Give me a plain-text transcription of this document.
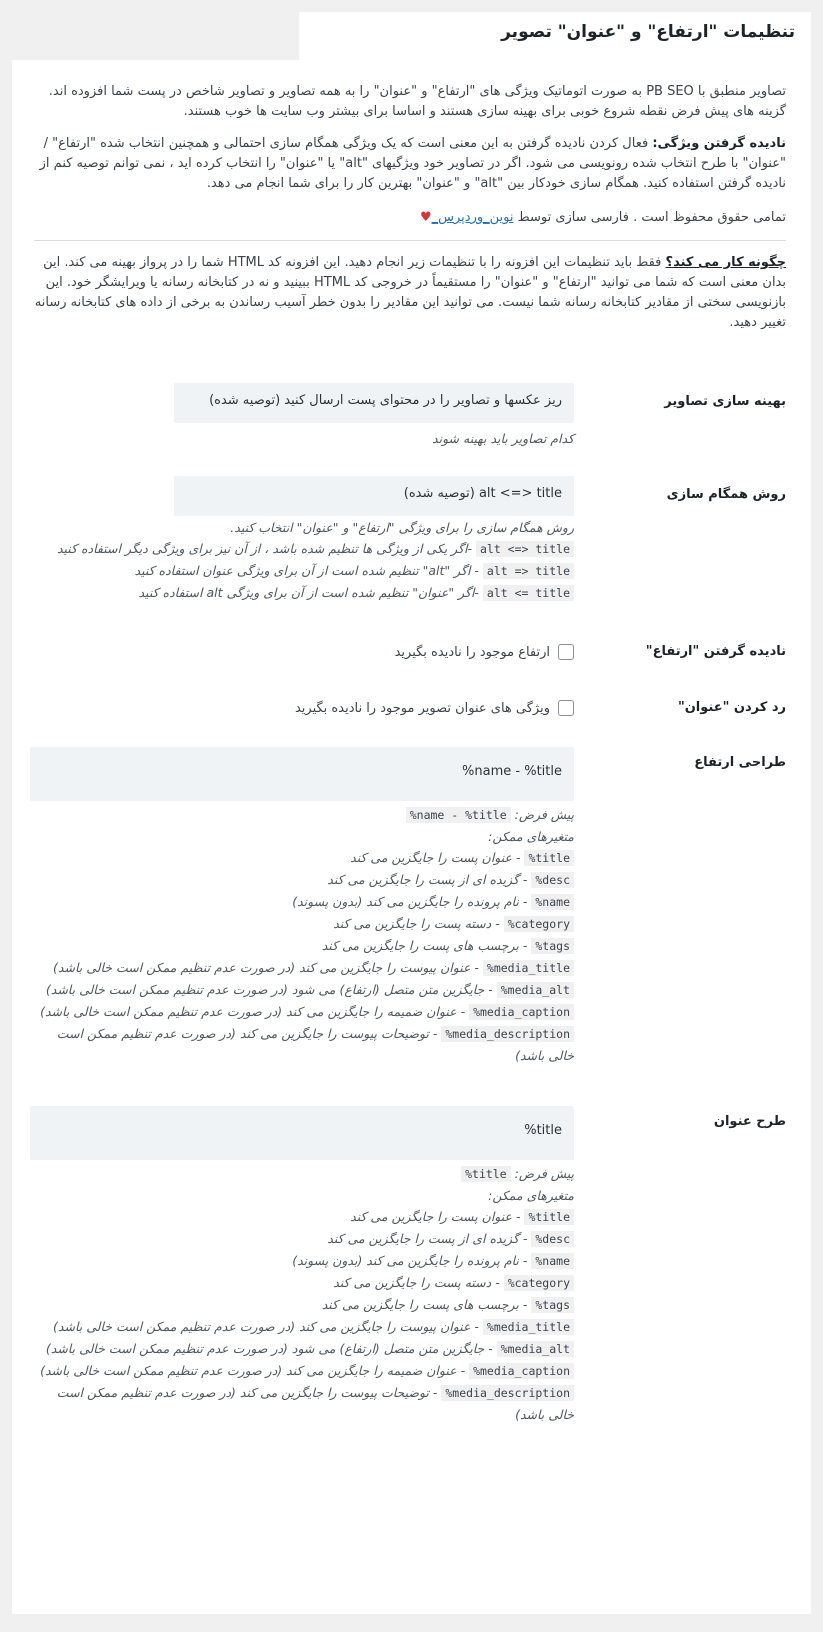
تنظیمات "ارتفاع" و "عنوان" تصویر

تصاویر منطبق با PB SEO به صورت اتوماتیک ویژگی های "ارتفاع" و "عنوان" را به همه تصاویر و تصاویر شاخص در پست شما افزوده اند. گزینه های پیش فرض نقطه شروع خوبی برای بهینه سازی هستند و اساسا برای بیشتر وب سایت ها خوب هستند.

نادیده گرفتن ویژگی: فعال کردن نادیده گرفتن به این معنی است که یک ویژگی همگام سازی احتمالی و همچنین انتخاب شده "ارتفاع" / "عنوان" با طرح انتخاب شده رونویسی می شود. اگر در تصاویر خود ویژگیهای "alt" یا "عنوان" را انتخاب کرده اید ، نمی توانم توصیه کنم از نادیده گرفتن استفاده کنید. همگام سازی خودکار بین "alt" و "عنوان" بهترین کار را برای شما انجام می دهد.

تمامی حقوق محفوظ است . فارسی سازی توسط نوین_وردپرس_♥

چگونه کار می کند؟ فقط باید تنظیمات این افزونه را با تنظیمات زیر انجام دهید. این افزونه کد HTML شما را در پرواز بهینه می کند. این بدان معنی است که شما می توانید "ارتفاع" و "عنوان" را مستقیماً در خروجی کد HTML ببینید و نه در کتابخانه رسانه یا ویرایشگر خود. این بازنویسی سختی از مقادیر کتابخانه رسانه شما نیست. می توانید این مقادیر را بدون خطر آسیب رساندن به برخی از داده های کتابخانه رسانه تغییر دهید.

بهینه سازی تصاویر
ریز عکسها و تصاویر را در محتوای پست ارسال کنید (توصیه شده)
کدام تصاویر باید بهینه شوند
روش همگام سازی
alt <=> title (توصیه شده)
روش همگام سازی را برای ویژگی "ارتفاع" و "عنوان" انتخاب کنید.
alt <=> title -اگر یکی از ویژگی ها تنظیم شده باشد ، از آن نیز برای ویژگی دیگر استفاده کنید
alt => title - اگر "alt" تنظیم شده است از آن برای ویژگی عنوان استفاده کنید
alt <= title -اگر "عنوان" تنظیم شده است از آن برای ویژگی alt استفاده کنید
نادیده گرفتن "ارتفاع"
ارتفاع موجود را نادیده بگیرید
رد کردن "عنوان"
ویژگی های عنوان تصویر موجود را نادیده بگیرید
طراحی ارتفاع
name - %title%
پیش فرض: %name - %title
متغیرهای ممکن:
%title - عنوان پست را جایگزین می کند
%desc - گزیده ای از پست را جایگزین می کند
%name - نام پرونده را جایگزین می کند (بدون پسوند)
%category - دسته پست را جایگزین می کند
%tags - برچسب های پست را جایگزین می کند
%media_title - عنوان پیوست را جایگزین می کند (در صورت عدم تنظیم ممکن است خالی باشد)
%media_alt - جایگزین متن متصل (ارتفاع) می شود (در صورت عدم تنظیم ممکن است خالی باشد)
%media_caption - عنوان ضمیمه را جایگزین می کند (در صورت عدم تنظیم ممکن است خالی باشد)
%media_description - توضیحات پیوست را جایگزین می کند (در صورت عدم تنظیم ممکن است خالی باشد)
طرح عنوان
title%
پیش فرض: %title
متغیرهای ممکن:
%title - عنوان پست را جایگزین می کند
%desc - گزیده ای از پست را جایگزین می کند
%name - نام پرونده را جایگزین می کند (بدون پسوند)
%category - دسته پست را جایگزین می کند
%tags - برچسب های پست را جایگزین می کند
%media_title - عنوان پیوست را جایگزین می کند (در صورت عدم تنظیم ممکن است خالی باشد)
%media_alt - جایگزین متن متصل (ارتفاع) می شود (در صورت عدم تنظیم ممکن است خالی باشد)
%media_caption - عنوان ضمیمه را جایگزین می کند (در صورت عدم تنظیم ممکن است خالی باشد)
%media_description - توضیحات پیوست را جایگزین می کند (در صورت عدم تنظیم ممکن است خالی باشد)
